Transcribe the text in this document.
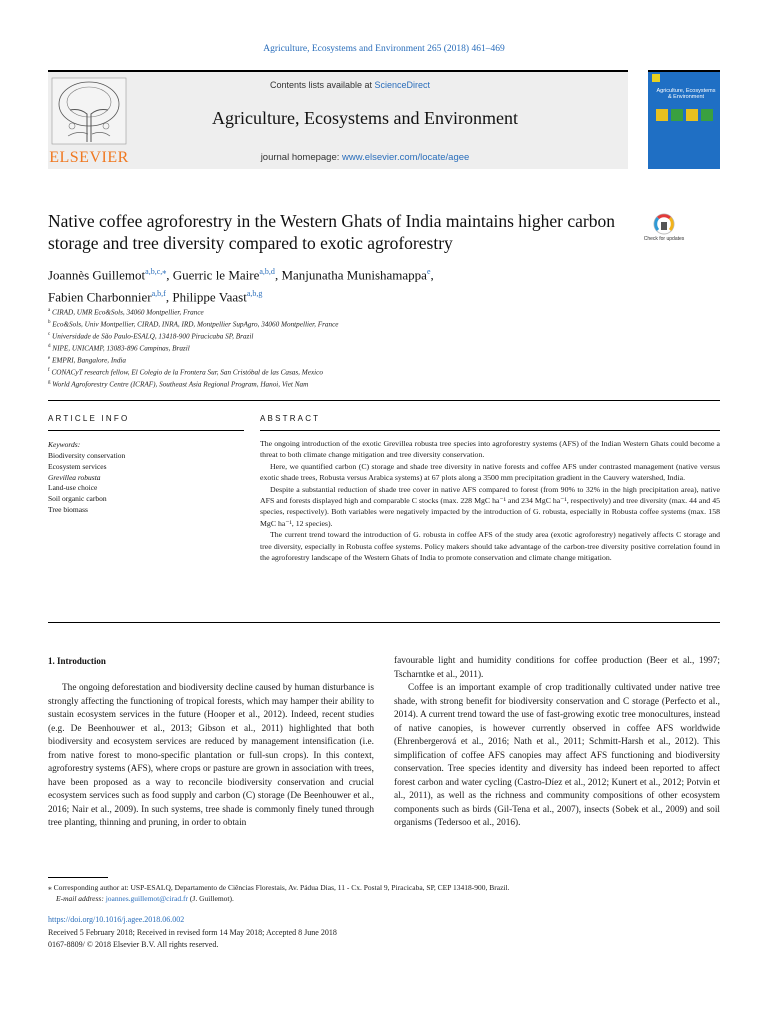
Agriculture, Ecosystems and Environment 265 (2018) 461–469
ELSEVIER
Contents lists available at ScienceDirect
Agriculture, Ecosystems and Environment
journal homepage: www.elsevier.com/locate/agee
Agriculture, Ecosystems & Environment
Native coffee agroforestry in the Western Ghats of India maintains higher carbon storage and tree diversity compared to exotic agroforestry	Check for updates
Joannès Guillemot$^{a,b,c,⁎}$, Guerric le Maire$^{a,b,d}$, Manjunatha Munishamappa$^e$,
Fabien Charbonnier$^{a,b,f}$, Philippe Vaast$^{a,b,g}$
$^a$ CIRAD, UMR Eco&Sols, 34060 Montpellier, France
$^b$ Eco&Sols, Univ Montpellier, CIRAD, INRA, IRD, Montpellier SupAgro, 34060 Montpellier, France
$^c$ Universidade de São Paulo-ESALQ, 13418-900 Piracicaba SP, Brazil
$^d$ NIPE, UNICAMP, 13083-896 Campinas, Brazil
$^e$ EMPRI, Bangalore, India
$^f$ CONACyT research fellow, El Colegio de la Frontera Sur, San Cristóbal de las Casas, Mexico
$^g$ World Agroforestry Centre (ICRAF), Southeast Asia Regional Program, Hanoi, Viet Nam
ARTICLE INFO
Keywords:
Biodiversity conservation
Ecosystem services
Grevillea robusta
Land-use choice
Soil organic carbon
Tree biomass
ABSTRACT

The ongoing introduction of the exotic Grevillea robusta tree species into agroforestry systems (AFS) of the Indian Western Ghats could become a threat to both climate change mitigation and tree diversity conservation.

Here, we quantified carbon (C) storage and shade tree diversity in native forests and coffee AFS under contrasted management (native versus exotic shade trees, Robusta versus Arabica systems) at 67 plots along a 3500 mm precipitation gradient in the Cauvery watershed, India.

Despite a substantial reduction of shade tree cover in native AFS compared to forest (from 90% to 32% in the high precipitation area), native AFS and forests displayed high and comparable C stocks (max. 228 MgC ha⁻¹ and 234 MgC ha⁻¹, respectively) and tree diversity (max. 44 and 45 species, respectively). Both variables were negatively impacted by the introduction of G. robusta, especially in Robusta coffee systems (max. 158 MgC ha⁻¹, 12 species).

The current trend toward the introduction of G. robusta in coffee AFS of the study area (exotic agroforestry) negatively affects C storage and tree diversity, especially in Robusta coffee systems. Policy makers should take advantage of the carbon-tree diversity positive correlation found in the agroforestry landscape of the Western Ghats of India to promote conservation and climate change mitigation.

1. Introduction

The ongoing deforestation and biodiversity decline caused by human disturbance is strongly affecting the functioning of tropical forests, which may hamper their ability to sustain ecosystem services in the future (Hooper et al., 2012). Indeed, recent studies (e.g. De Beenhouwer et al., 2013; Gibson et al., 2011) highlighted that both biodiversity and ecosystem services are reduced by management intensification (i.e. from native forest to mono-specific plantation or full-sun crops). In this context, agroforestry systems (AFS), where crops or pasture are grown in association with trees, have been proposed as a way to reconcile biodiversity conservation and crucial ecosystem services such as food supply and carbon (C) storage (De Beenhouwer et al., 2016; Nair et al., 2009). In such systems, tree shade is commonly finely tuned through tree planting, thinning and pruning, in order to obtain

favourable light and humidity conditions for coffee production (Beer et al., 1997; Tscharntke et al., 2011).

Coffee is an important example of crop traditionally cultivated under native tree shade, with strong benefit for biodiversity conservation and C storage (Perfecto et al., 2014). A current trend toward the use of fast-growing exotic tree monocultures, instead of native canopies, is however currently observed in coffee AFS worldwide (Ehrenbergerová et al., 2016; Nath et al., 2011; Schmitt-Harsh et al., 2012). This simplification of coffee AFS canopies may affect AFS functioning and biodiversity conservation. Tree species identity and diversity has indeed been reported to affect forest carbon and water cycling (Castro-Díez et al., 2012; Kunert et al., 2012; Potvin et al., 2011), as well as the richness and community compositions of other ecosystem components such as birds (Gil-Tena et al., 2007), insects (Sobek et al., 2009) and soil organisms (Tedersoo et al., 2016).

⁎ Corresponding author at: USP-ESALQ, Departamento de Ciências Florestais, Av. Pádua Dias, 11 - Cx. Postal 9, Piracicaba, SP, CEP 13418-900, Brazil.
E-mail address: joannes.guillemot@cirad.fr (J. Guillemot).
https://doi.org/10.1016/j.agee.2018.06.002
Received 5 February 2018; Received in revised form 14 May 2018; Accepted 8 June 2018
0167-8809/ © 2018 Elsevier B.V. All rights reserved.
